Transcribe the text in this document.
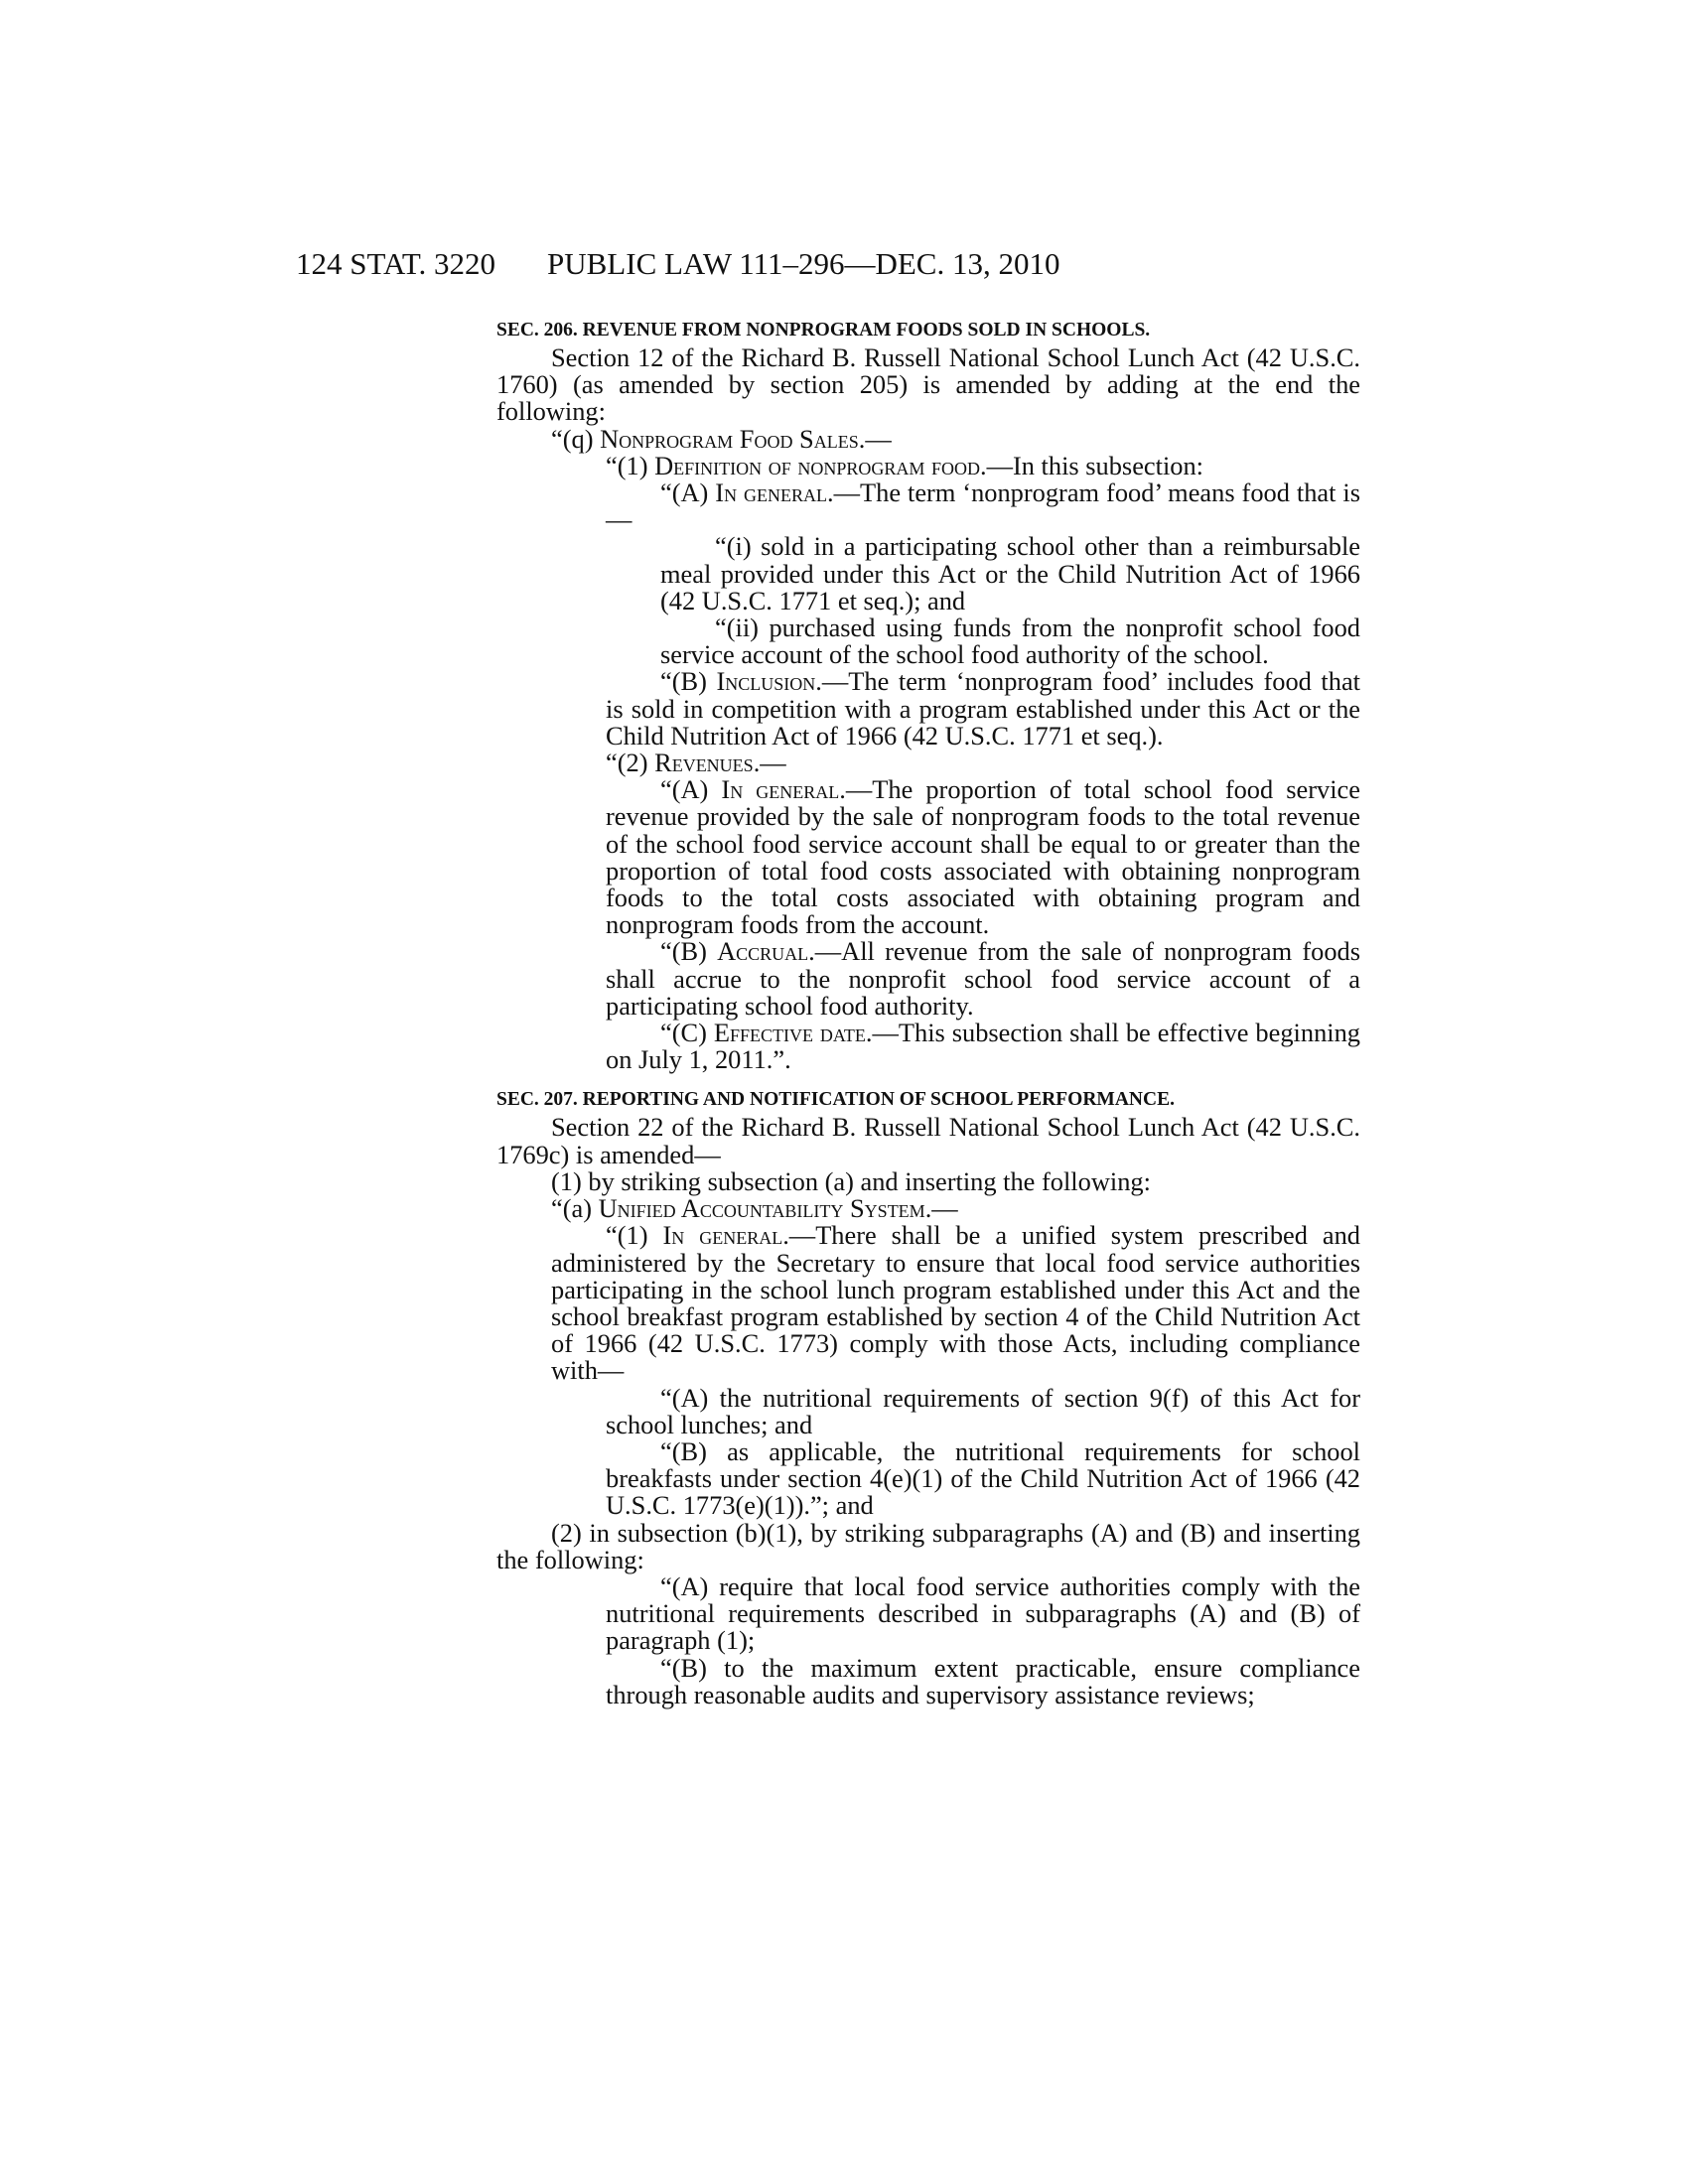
124 STAT. 3220 PUBLIC LAW 111–296—DEC. 13, 2010

SEC. 206. REVENUE FROM NONPROGRAM FOODS SOLD IN SCHOOLS.

Section 12 of the Richard B. Russell National School Lunch Act (42 U.S.C. 1760) (as amended by section 205) is amended by adding at the end the following:

“(q) Nonprogram Food Sales.—

“(1) Definition of nonprogram food.—In this subsection:

“(A) In general.—The term ‘nonprogram food’ means food that is—

“(i) sold in a participating school other than a reimbursable meal provided under this Act or the Child Nutrition Act of 1966 (42 U.S.C. 1771 et seq.); and

“(ii) purchased using funds from the nonprofit school food service account of the school food authority of the school.

“(B) Inclusion.—The term ‘nonprogram food’ includes food that is sold in competition with a program established under this Act or the Child Nutrition Act of 1966 (42 U.S.C. 1771 et seq.).

“(2) Revenues.—

“(A) In general.—The proportion of total school food service revenue provided by the sale of nonprogram foods to the total revenue of the school food service account shall be equal to or greater than the proportion of total food costs associated with obtaining nonprogram foods to the total costs associated with obtaining program and nonprogram foods from the account.

“(B) Accrual.—All revenue from the sale of nonprogram foods shall accrue to the nonprofit school food service account of a participating school food authority.

“(C) Effective date.—This subsection shall be effective beginning on July 1, 2011.”.

SEC. 207. REPORTING AND NOTIFICATION OF SCHOOL PERFORMANCE.

Section 22 of the Richard B. Russell National School Lunch Act (42 U.S.C. 1769c) is amended—

(1) by striking subsection (a) and inserting the following:

“(a) Unified Accountability System.—

“(1) In general.—There shall be a unified system prescribed and administered by the Secretary to ensure that local food service authorities participating in the school lunch program established under this Act and the school breakfast program established by section 4 of the Child Nutrition Act of 1966 (42 U.S.C. 1773) comply with those Acts, including compliance with—

“(A) the nutritional requirements of section 9(f) of this Act for school lunches; and

“(B) as applicable, the nutritional requirements for school breakfasts under section 4(e)(1) of the Child Nutrition Act of 1966 (42 U.S.C. 1773(e)(1)).”; and

(2) in subsection (b)(1), by striking subparagraphs (A) and (B) and inserting the following:

“(A) require that local food service authorities comply with the nutritional requirements described in subparagraphs (A) and (B) of paragraph (1);

“(B) to the maximum extent practicable, ensure compliance through reasonable audits and supervisory assistance reviews;
